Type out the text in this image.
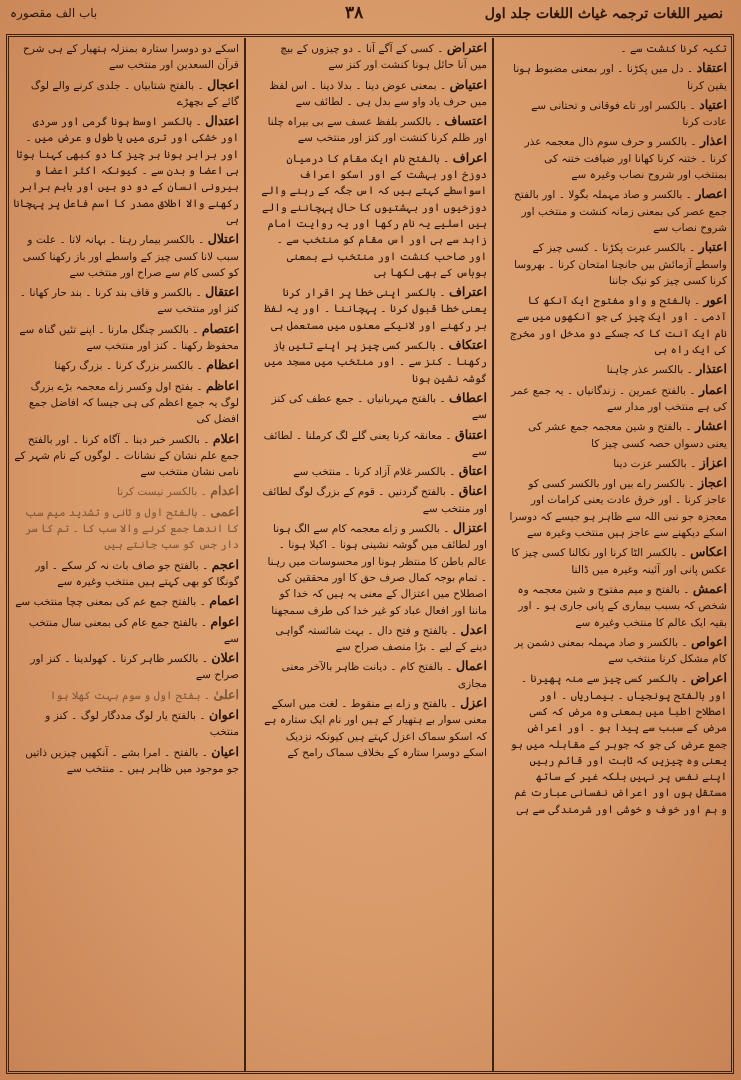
نصیر اللغات ترجمہ غیاث اللغات جلد اول
۳۸
باب الف مقصورہ

تکیہ کرنا کنشت سے ۔

اعتقاد ۔ دل میں پکڑنا ۔ اور بمعنی مضبوط ہونا یقین کرنا

اعتیاد ۔ بالکسر اور تاے فوقانی و تحتانی سے عادت کرنا

اعذار ۔ بالکسر و حرف سوم ذال معجمہ عذر کرنا ۔ ختنہ کرنا کھانا اور ضیافت ختنہ کی بمنتخب اور شروح نصاب وغیرہ سے

اعصار ۔ بالکسر و صاد مہملہ بگولا ۔ اور بالفتح جمع عصر کی بمعنی زمانہ کنشت و منتخب اور شروح نصاب سے

اعتبار ۔ بالکسر عبرت پکڑنا ۔ کسی چیز کے واسطے آزمائش بیں جانچنا امتحان کرنا ۔ بھروسا کرنا کسی چیز کو نیک جاننا

اعور ۔ بالفتح و واو مفتوح ایک آنکھ کا آدمی ۔ اور ایک چیز کی جو آنکھوں میں سے نام ایک آنت کا کہ جسکے دو مدخل اور مخرج کی ایک راہ ہی

اعتذار ۔ بالکسر عذر چاہنا

اعمار ۔ بالفتح عمرین ۔ زندگانیاں ۔ یہ جمع عمر کی ہے منتخب اور مدار سے

اعشار ۔ بالفتح و شین معجمہ جمع عشر کی یعنی دسواں حصہ کسی چیز کا

اعزاز ۔ بالکسر عزت دینا

اعجاز ۔ بالکسر راے بیں اور بالکسر کسی کو عاجز کرنا ۔ اور خرق عادت یعنی کرامات اور معجزہ جو نبی اللہ سے ظاہر ہو جیسے کہ دوسرا اسکے دیکھنے سے عاجز ہیں منتخب وغیرہ سے

اعکاس ۔ بالکسر الٹا کرنا اور نکالنا کسی چیز کا عکس پانی اور آئینہ وغیرہ میں ڈالنا

اعمش ۔ بالفتح و میم مفتوح و شین معجمہ وہ شخص کہ بسبب بیماری کے پانی جاری ہو ۔ اور بقیہ ایک عالم کا منتخب وغیرہ سے

اعواص ۔ بالکسر و صاد مہملہ بمعنی دشمن پر کام مشکل کرنا منتخب سے

اعراض ۔ بالکسر کسی چیز سے منہ پھیرنا ۔ اور بالفتح پونجیاں ۔ بیماریاں ۔ اور اصطلاح اطبا میں بمعنی وہ مرض کہ کسی مرض کے سبب سے پیدا ہو ۔ اور اعراض جمع عرض کی جو کہ جوہر کے مقابلہ میں ہو یعنی وہ چیزیں کہ ثابت اور قائم رہیں اپنے نفس پر نہیں بلکہ غیر کے ساتھ مستقل ہوں اور اعراض نفسانی عبارت غم و ہم اور خوف و خوشی اور شرمندگی سے ہی

اعتراض ۔ کسی کے آگے آنا ۔ دو چیزوں کے بیچ میں آنا حائل ہونا کنشت اور کنز سے

اعتیاض ۔ بمعنی عوض دینا ۔ بدلا دینا ۔ اس لفظ میں حرف یاد واو سے بدل ہی ۔ لطائف سے

اعتساف ۔ بالکسر بلفظ عسف سے بی بیراہ چلنا اور ظلم کرنا کنشت اور کنز اور منتخب سے

اعراف ۔ بالفتح نام ایک مقام کا درمیان دوزخ اور بہشت کے اور اسکو اعراف اسواسطے کہتے ہیں کہ اس جگہ کے رہنے والے دوزخیوں اور بہشتیوں کا حال پہچاننے والے ہیں اسلیے یہ نام رکھا اور یہ روایت امام زاہد سے ہی اور اس مقام کو منتخب سے ۔ اور صاحب کنشت اور منتخب نے بمعنی بوباس کے بھی لکھا ہی

اعتراف ۔ بالکسر اپنی خطا پر اقرار کرنا یعنی خطا قبول کرنا ۔ پہچاننا ۔ اور یہ لفظ بر رکھنے اور لانیکے معنوں میں مستعمل ہی

اعتکاف ۔ بالکسر کسی چیز پر اپنے تئیں باز رکھنا ۔ کنز سے ۔ اور منتخب میں مسجد میں گوشہ نشین ہونا

اعطاف ۔ بالفتح مہربانیاں ۔ جمع عطف کی کنز سے

اعتناق ۔ معانقہ کرنا یعنی گلے لگ کرملنا ۔ لطائف سے

اعتاق ۔ بالکسر غلام آزاد کرنا ۔ منتخب سے

اعناق ۔ بالفتح گردنیں ۔ قوم کے بزرگ لوگ لطائف اور منتخب سے

اعتزال ۔ بالکسر و زاے معجمہ کام سے الگ ہونا اور لطائف میں گوشہ نشینی ہونا ۔ اکیلا ہونا ۔ عالم باطن کا منتظر ہونا اور محسوسات میں رہنا ۔ تمام بوجہ کمال صرف حق کا اور محققین کی اصطلاح میں اعتزال کے معنی یہ ہیں کہ خدا کو ماننا اور افعال عباد کو غیر خدا کی طرف سمجھنا

اعدل ۔ بالفتح و فتح دال ۔ بہت شائستہ گواہی دینے کے لیے ۔ بڑا منصف صراح سے

اعمال ۔ بالفتح کام ۔ دیانت ظاہر بالآخر معنی مجازی

اعزل ۔ بالفتح و زاے بے منقوط ۔ لغت میں اسکے معنی سوار بے ہتھیار کے ہیں اور نام ایک ستارہ ہے کہ اسکو سماک اعزل کہتے ہیں کیونکہ نزدیک اسکے دوسرا ستارہ کے بخلاف سماک رامح کے

اسکے دو دوسرا ستارہ بمنزلہ ہتھیار کے ہی شرح قرآن السعدین اور منتخب سے

اعجال ۔ بالفتح شتابیاں ۔ جلدی کرنے والے لوگ گائے کے بچھڑے

اعتدال ۔ بالکسر اوسط ہونا گرمی اور سردی اور خشکی اور تری میں یا طول و عرض میں ۔ اور برابر ہونا ہر چیز کا دو کبھی کہنا ہوتا ہی اعضا و بدن سے ۔ کیونکہ اکثر اعضا و بیرونی انسان کے دو دو ہیں اور باہم برابر رکھنے والا اطلاق مصدر کا اسم فاعل پر پہچانا ہی

اعتلال ۔ بالکسر بیمار رہنا ۔ بہانہ لانا ۔ علت و سبب لانا کسی چیز کے واسطے اور باز رکھنا کسی کو کسی کام سے صراح اور منتخب سے

اعتقال ۔ بالکسر و قاف بند کرنا ۔ بند حار کھانا ۔ کنز اور منتخب سے

اعتصام ۔ بالکسر چنگل مارنا ۔ اپنے تئیں گناہ سے محفوظ رکھنا ۔ کنز اور منتخب سے

اعظام ۔ بالکسر بزرگ کرنا ۔ بزرگ رکھنا

اعاظم ۔ بفتح اول وکسر زاے معجمہ بڑے بزرگ لوگ یہ جمع اعظم کی ہی جیسا کہ افاضل جمع افضل کی

اعلام ۔ بالکسر خبر دینا ۔ آگاہ کرنا ۔ اور بالفتح جمع علم نشان کے نشانات ۔ لوگوں کے نام شہر کے نامی نشان منتخب سے

اعدام ۔ بالکسر نیست کرنا

اعمی ۔ بالفتح اول و ثانی و تشدید میم سب کا اندھا جمع کرنے والا سب کا ۔ تم کا سر دار جس کو سب جانتے ہیں

اعجم ۔ بالفتح جو صاف بات نہ کر سکے ۔ اور گونگا کو بھی کہتے ہیں منتخب وغیرہ سے

اعمام ۔ بالفتح جمع عم کی بمعنی چچا منتخب سے

اعوام ۔ بالفتح جمع عام کی بمعنی سال منتخب سے

اعلان ۔ بالکسر ظاہر کرنا ۔ کھولدینا ۔ کنز اور صراح سے

اعلیٰ ۔ بفتح اول و سوم بہت کھلا ہوا

اعوان ۔ بالفتح یار لوگ مددگار لوگ ۔ کنز و منتخب

اعیان ۔ بالفتح ۔ امرا بشے ۔ آنکھیں چیزیں ذاتیں جو موجود میں ظاہر ہیں ۔ منتخب سے
